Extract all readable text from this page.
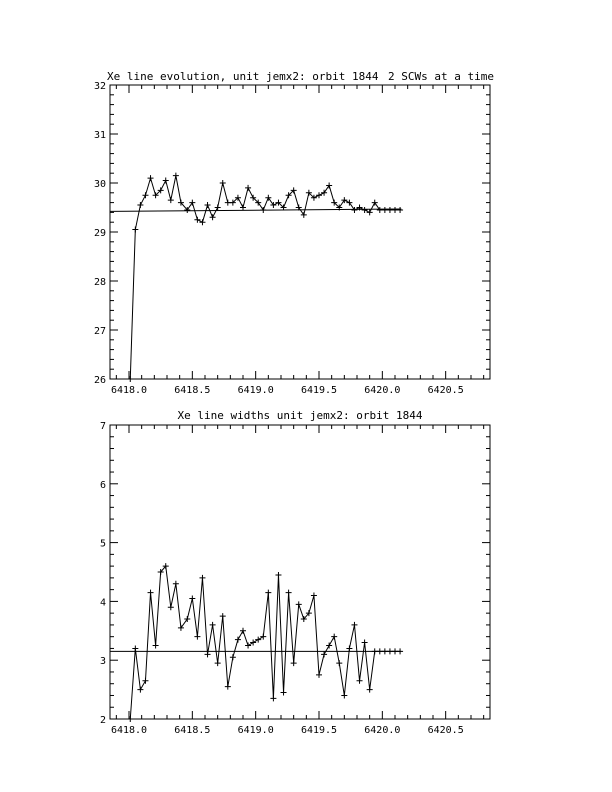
Xe line evolution, unit jemx2: orbit 1844 2 SCWs at a time
6418.0	6418.5	6419.0	6419.5	6420.0	6420.5
26
27
28
29
30
31
32
Xe line widths unit jemx2: orbit 1844
6418.0	6418.5	6419.0	6419.5	6420.0	6420.5
2
3
4
5
6
7
